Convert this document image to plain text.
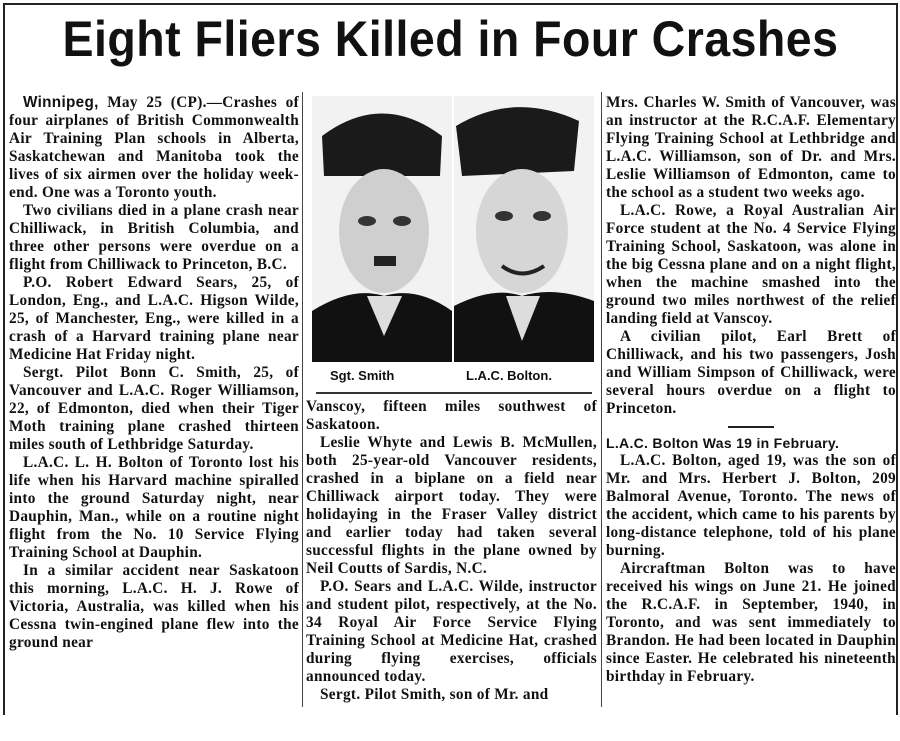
Eight Fliers Killed in Four Crashes

Winnipeg, May 25 (CP).—Crashes of four airplanes of British Commonwealth Air Training Plan schools in Alberta, Saskatchewan and Manitoba took the lives of six airmen over the holiday week-end. One was a Toronto youth.

Two civilians died in a plane crash near Chilliwack, in British Columbia, and three other persons were overdue on a flight from Chilliwack to Princeton, B.C.

P.O. Robert Edward Sears, 25, of London, Eng., and L.A.C. Higson Wilde, 25, of Manchester, Eng., were killed in a crash of a Harvard training plane near Medicine Hat Friday night.

Sergt. Pilot Bonn C. Smith, 25, of Vancouver and L.A.C. Roger Williamson, 22, of Edmonton, died when their Tiger Moth training plane crashed thirteen miles south of Lethbridge Saturday.

L.A.C. L. H. Bolton of Toronto lost his life when his Harvard machine spiralled into the ground Saturday night, near Dauphin, Man., while on a routine night flight from the No. 10 Service Flying Training School at Dauphin.

In a similar accident near Saskatoon this morning, L.A.C. H. J. Rowe of Victoria, Australia, was killed when his Cessna twin-engined plane flew into the ground near

Sgt. Smith	L.A.C. Bolton.

Vanscoy, fifteen miles southwest of Saskatoon.

Leslie Whyte and Lewis B. McMullen, both 25-year-old Vancouver residents, crashed in a biplane on a field near Chilliwack airport today. They were holidaying in the Fraser Valley district and earlier today had taken several successful flights in the plane owned by Neil Coutts of Sardis, N.C.

P.O. Sears and L.A.C. Wilde, instructor and student pilot, respectively, at the No. 34 Royal Air Force Service Flying Training School at Medicine Hat, crashed during flying exercises, officials announced today.

Sergt. Pilot Smith, son of Mr. and

Mrs. Charles W. Smith of Vancouver, was an instructor at the R.C.A.F. Elementary Flying Training School at Lethbridge and L.A.C. Williamson, son of Dr. and Mrs. Leslie Williamson of Edmonton, came to the school as a student two weeks ago.

L.A.C. Rowe, a Royal Australian Air Force student at the No. 4 Service Flying Training School, Saskatoon, was alone in the big Cessna plane and on a night flight, when the machine smashed into the ground two miles northwest of the relief landing field at Vanscoy.

A civilian pilot, Earl Brett of Chilliwack, and his two passengers, Josh and William Simpson of Chilliwack, were several hours overdue on a flight to Princeton.

L.A.C. Bolton Was 19 in February.

L.A.C. Bolton, aged 19, was the son of Mr. and Mrs. Herbert J. Bolton, 209 Balmoral Avenue, Toronto. The news of the accident, which came to his parents by long-distance telephone, told of his plane burning.

Aircraftman Bolton was to have received his wings on June 21. He joined the R.C.A.F. in September, 1940, in Toronto, and was sent immediately to Brandon. He had been located in Dauphin since Easter. He celebrated his nineteenth birthday in February.
